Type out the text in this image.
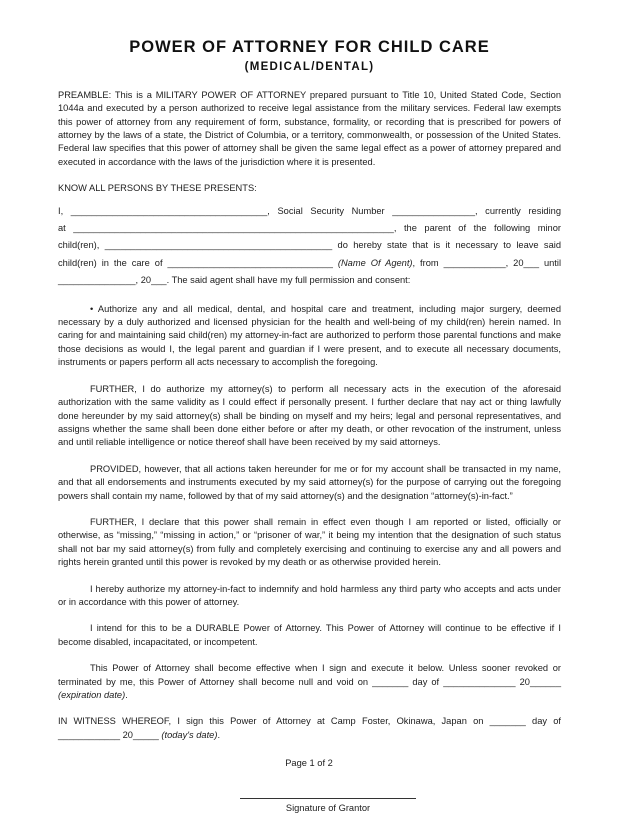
POWER OF ATTORNEY FOR CHILD CARE
(MEDICAL/DENTAL)

PREAMBLE: This is a MILITARY POWER OF ATTORNEY prepared pursuant to Title 10, United Stated Code, Section 1044a and executed by a person authorized to receive legal assistance from the military services. Federal law exempts this power of attorney from any requirement of form, substance, formality, or recording that is prescribed for powers of attorney by the laws of a state, the District of Columbia, or a territory, commonwealth, or possession of the United States. Federal law specifies that this power of attorney shall be given the same legal effect as a power of attorney prepared and executed in accordance with the laws of the jurisdiction where it is presented.

KNOW ALL PERSONS BY THESE PRESENTS:

I, ______________________________________, Social Security Number ________________, currently residing

at ______________________________________________________________, the parent of the following minor

child(ren), ____________________________________________ do hereby state that is it necessary to leave said

child(ren) in the care of ________________________________ (Name Of Agent), from ____________, 20___ until

_______________, 20___. The said agent shall have my full permission and consent:

• Authorize any and all medical, dental, and hospital care and treatment, including major surgery, deemed necessary by a duly authorized and licensed physician for the health and well-being of my child(ren) herein named. In caring for and maintaining said child(ren) my attorney-in-fact are authorized to perform those parental functions and make those decisions as would I, the legal parent and guardian if I were present, and to execute all necessary documents, instruments or papers perform all acts necessary to accomplish the foregoing.

FURTHER, I do authorize my attorney(s) to perform all necessary acts in the execution of the aforesaid authorization with the same validity as I could effect if personally present. I further declare that nay act or thing lawfully done hereunder by my said attorney(s) shall be binding on myself and my heirs; legal and personal representatives, and assigns whether the same shall been done either before or after my death, or other revocation of the instrument, unless and until reliable intelligence or notice thereof shall have been received by my said attorneys.

PROVIDED, however, that all actions taken hereunder for me or for my account shall be transacted in my name, and that all endorsements and instruments executed by my said attorney(s) for the purpose of carrying out the foregoing powers shall contain my name, followed by that of my said attorney(s) and the designation “attorney(s)-in-fact.”

FURTHER, I declare that this power shall remain in effect even though I am reported or listed, officially or otherwise, as “missing,” “missing in action,” or “prisoner of war,” it being my intention that the designation of such status shall not bar my said attorney(s) from fully and completely exercising and continuing to exercise any and all powers and rights herein granted until this power is revoked by my death or as otherwise provided herein.

I hereby authorize my attorney-in-fact to indemnify and hold harmless any third party who accepts and acts under or in accordance with this power of attorney.

I intend for this to be a DURABLE Power of Attorney. This Power of Attorney will continue to be effective if I become disabled, incapacitated, or incompetent.

This Power of Attorney shall become effective when I sign and execute it below. Unless sooner revoked or terminated by me, this Power of Attorney shall become null and void on _______ day of ______________ 20______ (expiration date).

IN WITNESS WHEREOF, I sign this Power of Attorney at Camp Foster, Okinawa, Japan on _______ day of ____________ 20_____ (today's date).

Signature of Grantor
Page 1 of 2
